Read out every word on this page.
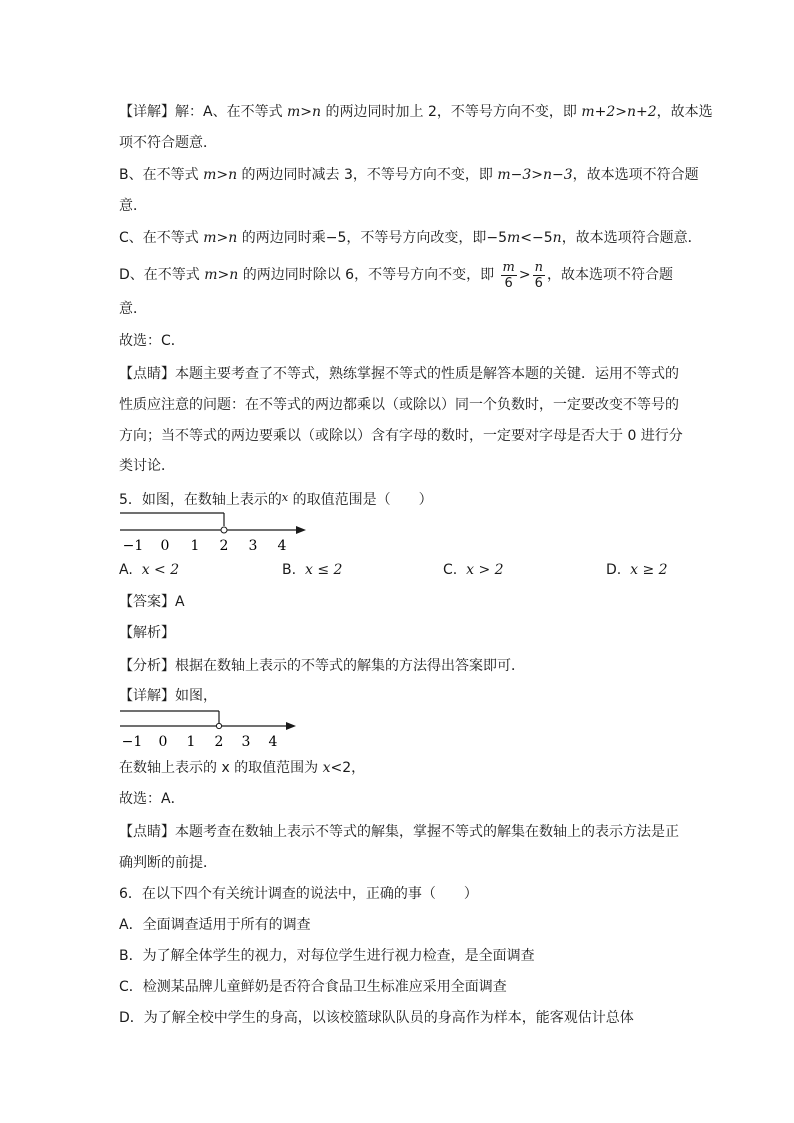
【详解】解：A、在不等式 m>n 的两边同时加上 2，不等号方向不变，即 m+2>n+2，故本选
项不符合题意．
B、在不等式 m>n 的两边同时减去 3，不等号方向不变，即 m−3>n−3，故本选项不符合题
意．
C、在不等式 m>n 的两边同时乘−5，不等号方向改变，即−5m<−5n，故本选项符合题意．
D、在不等式 m>n 的两边同时除以 6，不等号方向不变，即 $\frac{m}{6} > \frac{n}{6}$ ，故本选项不符合题
意．
故选：C．
【点睛】本题主要考查了不等式，熟练掌握不等式的性质是解答本题的关键．运用不等式的
性质应注意的问题：在不等式的两边都乘以（或除以）同一个负数时，一定要改变不等号的
方向；当不等式的两边要乘以（或除以）含有字母的数时，一定要对字母是否大于 0 进行分
类讨论．
5．如图，在数轴上表示的$^x$ 的取值范围是（　　）
−1 0 1 2 3 4
A. x < 2	B. x ≤ 2	C. x > 2	D. x ≥ 2
【答案】A
【解析】
【分析】根据在数轴上表示的不等式的解集的方法得出答案即可．
【详解】如图，
−1 0 1 2 3 4
在数轴上表示的 x 的取值范围为 x<2，
故选：A．
【点睛】本题考查在数轴上表示不等式的解集，掌握不等式的解集在数轴上的表示方法是正
确判断的前提．
6．在以下四个有关统计调查的说法中，正确的事（　　）
A．全面调查适用于所有的调查
B．为了解全体学生的视力，对每位学生进行视力检查，是全面调查
C．检测某品牌儿童鲜奶是否符合食品卫生标准应采用全面调查
D．为了解全校中学生的身高，以该校篮球队队员的身高作为样本，能客观估计总体
